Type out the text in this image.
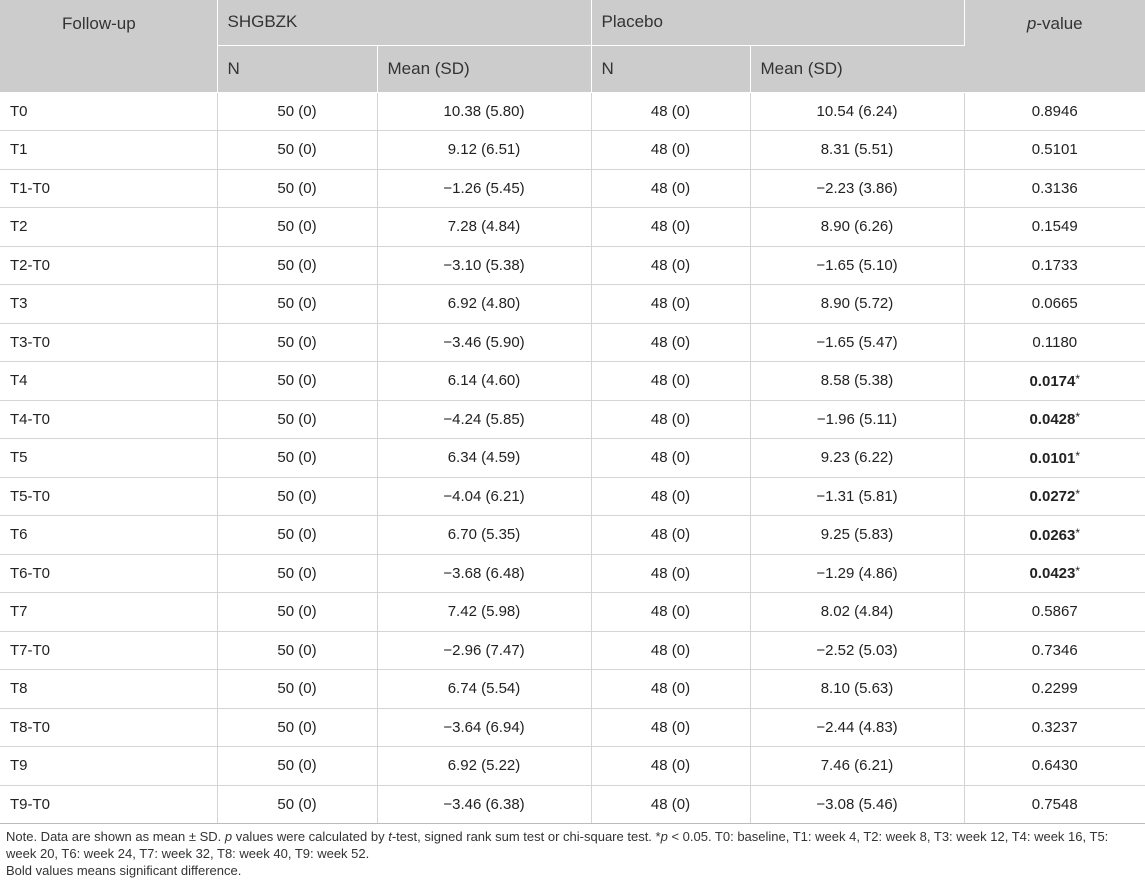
Follow-up	SHGBZK		Placebo		p-value
	N	Mean (SD)	N	Mean (SD)	
T0	50 (0)	10.38 (5.80)	48 (0)	10.54 (6.24)	0.8946
T1	50 (0)	9.12 (6.51)	48 (0)	8.31 (5.51)	0.5101
T1-T0	50 (0)	−1.26 (5.45)	48 (0)	−2.23 (3.86)	0.3136
T2	50 (0)	7.28 (4.84)	48 (0)	8.90 (6.26)	0.1549
T2-T0	50 (0)	−3.10 (5.38)	48 (0)	−1.65 (5.10)	0.1733
T3	50 (0)	6.92 (4.80)	48 (0)	8.90 (5.72)	0.0665
T3-T0	50 (0)	−3.46 (5.90)	48 (0)	−1.65 (5.47)	0.1180
T4	50 (0)	6.14 (4.60)	48 (0)	8.58 (5.38)	0.0174*
T4-T0	50 (0)	−4.24 (5.85)	48 (0)	−1.96 (5.11)	0.0428*
T5	50 (0)	6.34 (4.59)	48 (0)	9.23 (6.22)	0.0101*
T5-T0	50 (0)	−4.04 (6.21)	48 (0)	−1.31 (5.81)	0.0272*
T6	50 (0)	6.70 (5.35)	48 (0)	9.25 (5.83)	0.0263*
T6-T0	50 (0)	−3.68 (6.48)	48 (0)	−1.29 (4.86)	0.0423*
T7	50 (0)	7.42 (5.98)	48 (0)	8.02 (4.84)	0.5867
T7-T0	50 (0)	−2.96 (7.47)	48 (0)	−2.52 (5.03)	0.7346
T8	50 (0)	6.74 (5.54)	48 (0)	8.10 (5.63)	0.2299
T8-T0	50 (0)	−3.64 (6.94)	48 (0)	−2.44 (4.83)	0.3237
T9	50 (0)	6.92 (5.22)	48 (0)	7.46 (6.21)	0.6430
T9-T0	50 (0)	−3.46 (6.38)	48 (0)	−3.08 (5.46)	0.7548

Note. Data are shown as mean ± SD. p values were calculated by t-test, signed rank sum test or chi-square test. *p < 0.05. T0: baseline, T1: week 4, T2: week 8, T3: week 12, T4: week 16, T5: week 20, T6: week 24, T7: week 32, T8: week 40, T9: week 52.

Bold values means significant difference.
